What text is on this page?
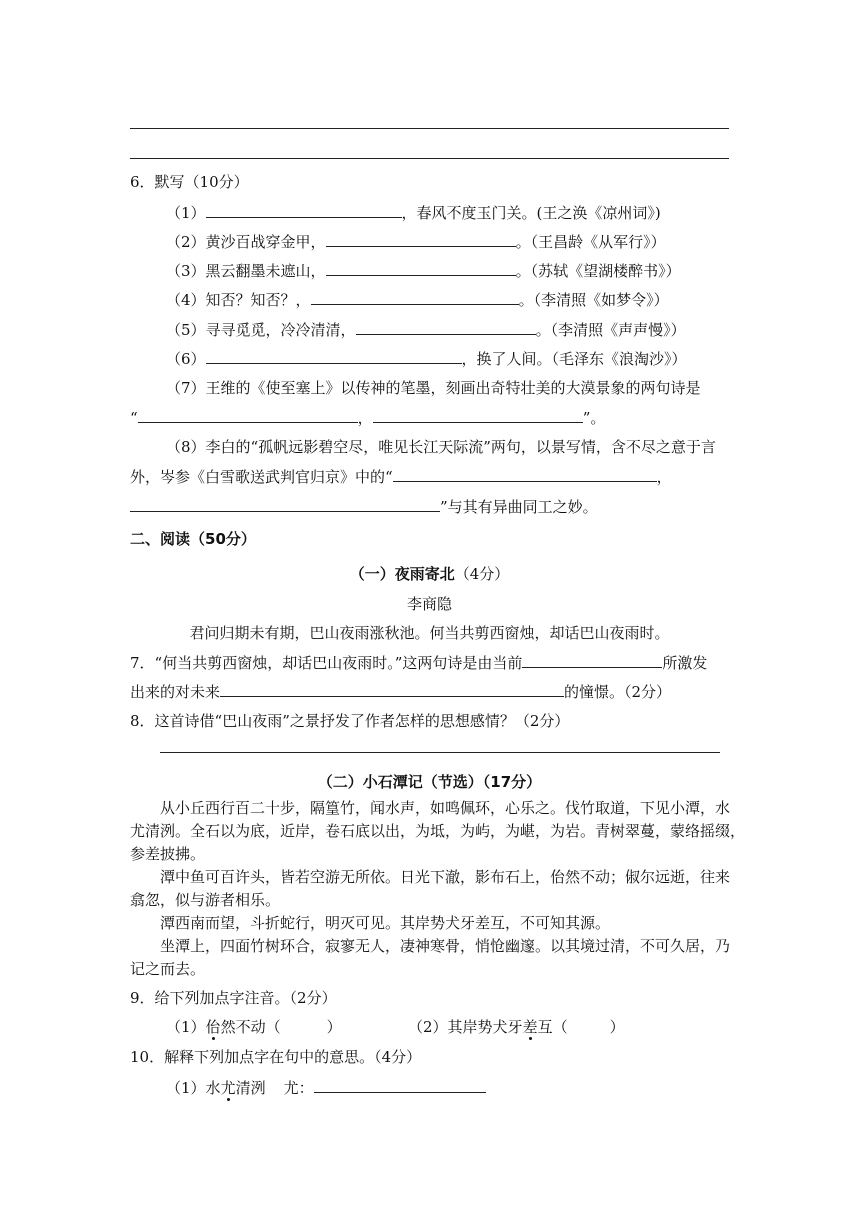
6．默写（10分）
（1）	，春风不度玉门关。(王之涣《凉州词》)
（2）黄沙百战穿金甲，	。（王昌龄《从军行》）
（3）黑云翻墨未遮山，	。（苏轼《望湖楼醉书》）
（4）知否？知否？，	。（李清照《如梦令》）
（5）寻寻觅觅，冷冷清清，	。（李清照《声声慢》）
（6）	，换了人间。（毛泽东《浪淘沙》）
（7）王维的《使至塞上》以传神的笔墨，刻画出奇特壮美的大漠景象的两句诗是
“	，	”。
（8）李白的“孤帆远影碧空尽，唯见长江天际流”两句，以景写情，含不尽之意于言
外，岑参《白雪歌送武判官归京》中的“	，
”与其有异曲同工之妙。
二、阅读（50分）
（一）夜雨寄北（4分）
李商隐
君问归期未有期，巴山夜雨涨秋池。何当共剪西窗烛，却话巴山夜雨时。
7．“何当共剪西窗烛，却话巴山夜雨时。”这两句诗是由当前	所激发
出来的对未来	的憧憬。（2分）
8．这首诗借“巴山夜雨”之景抒发了作者怎样的思想感情？（2分）
（二）小石潭记（节选）（17分）
从小丘西行百二十步，隔篁竹，闻水声，如鸣佩环，心乐之。伐竹取道，下见小潭，水
尤清洌。全石以为底，近岸，卷石底以出，为坻，为屿，为嵁，为岩。青树翠蔓，蒙络摇缀，
参差披拂。
潭中鱼可百许头，皆若空游无所依。日光下澈，影布石上，佁然不动；俶尔远逝，往来
翕忽，似与游者相乐。
潭西南而望，斗折蛇行，明灭可见。其岸势犬牙差互，不可知其源。
坐潭上，四面竹树环合，寂寥无人，凄神寒骨，悄怆幽邃。以其境过清，不可久居，乃
记之而去。
9．给下列加点字注音。（2分）
（1）佁然不动（	）	（2）其岸势犬牙差互（	）
10．解释下列加点字在句中的意思。（4分）
（1）水尤清洌 尤：
